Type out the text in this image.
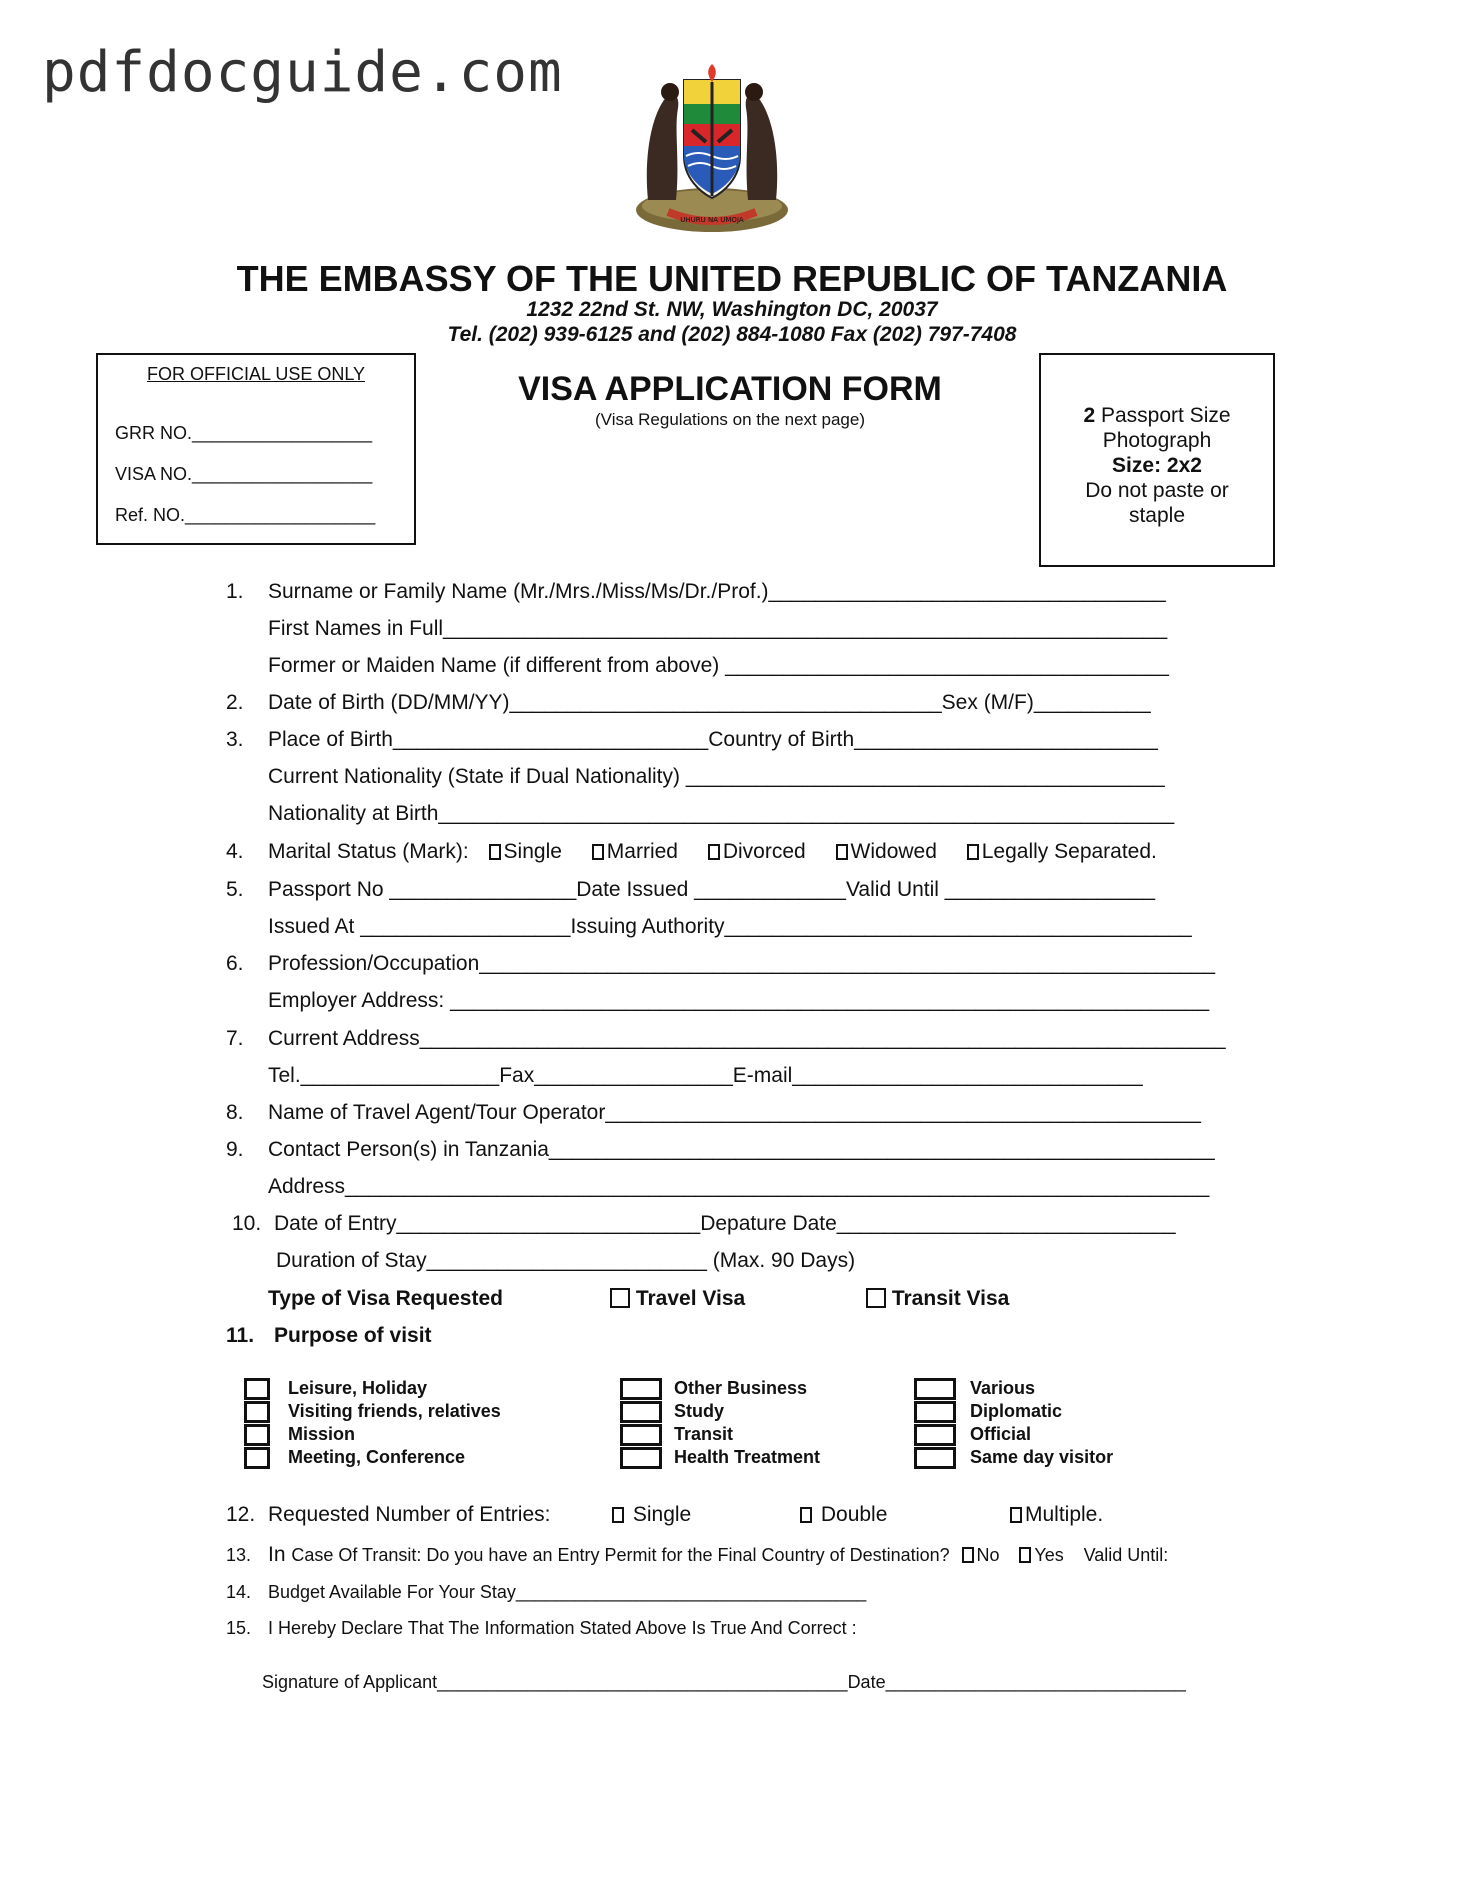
pdfdocguide.com
UHURU NA UMOJA
THE EMBASSY OF THE UNITED REPUBLIC OF TANZANIA
1232 22nd St. NW, Washington DC, 20037
Tel. (202) 939-6125 and (202) 884-1080 Fax (202) 797-7408
FOR OFFICIAL USE ONLY
GRR NO.__________________
VISA NO.__________________
Ref. NO.___________________
VISA APPLICATION FORM
(Visa Regulations on the next page)	2 Passport Size
Photograph
Size: 2x2
Do not paste or
staple
1. Surname or Family Name (Mr./Mrs./Miss/Ms/Dr./Prof.)__________________________________
First Names in Full______________________________________________________________
Former or Maiden Name (if different from above) ______________________________________
2. Date of Birth (DD/MM/YY)_____________________________________Sex (M/F)__________
3. Place of Birth___________________________Country of Birth__________________________
Current Nationality (State if Dual Nationality) _________________________________________
Nationality at Birth_______________________________________________________________
4. Marital Status (Mark): Single Married Divorced Widowed Legally Separated.
5. Passport No ________________Date Issued _____________Valid Until __________________
Issued At __________________Issuing Authority________________________________________
6. Profession/Occupation_______________________________________________________________
Employer Address: _________________________________________________________________
7. Current Address_____________________________________________________________________
Tel._________________Fax_________________E-mail______________________________
8. Name of Travel Agent/Tour Operator___________________________________________________
9. Contact Person(s) in Tanzania_________________________________________________________
Address__________________________________________________________________________
10. Date of Entry__________________________Depature Date_____________________________
Duration of Stay________________________ (Max. 90 Days)
Type of Visa Requested	Travel Visa	Transit Visa
11. Purpose of visit
Leisure, Holiday
Visiting friends, relatives
Mission
Meeting, Conference
Other Business
Study
Transit
Health Treatment
Various
Diplomatic
Official
Same day visitor
12. Requested Number of Entries:	Single	Double	Multiple.
13. In Case Of Transit: Do you have an Entry Permit for the Final Country of Destination? No Yes Valid Until:
14. Budget Available For Your Stay___________________________________
15. I Hereby Declare That The Information Stated Above Is True And Correct :
Signature of Applicant_________________________________________Date______________________________
